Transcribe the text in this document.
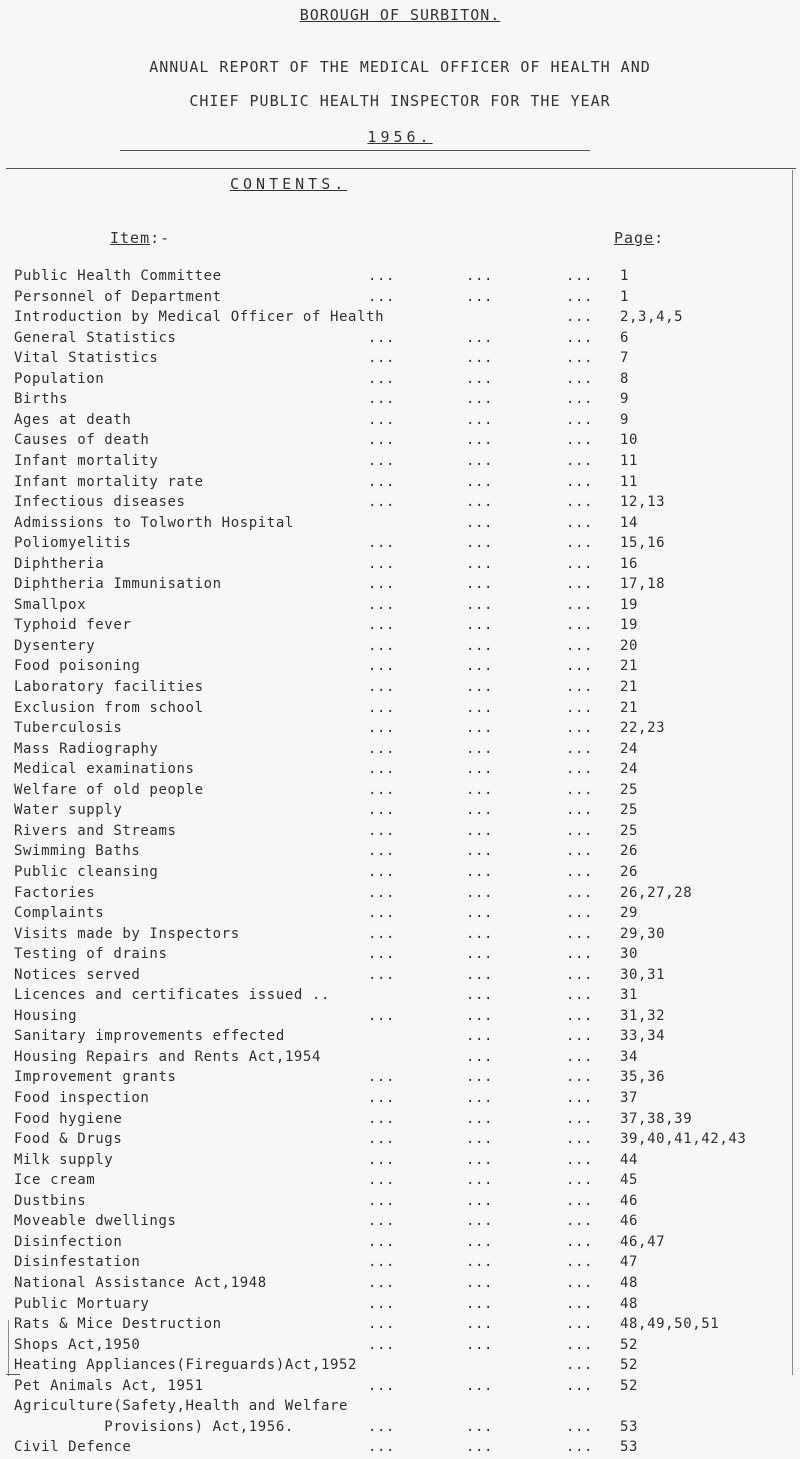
BOROUGH OF SURBITON.
ANNUAL REPORT OF THE MEDICAL OFFICER OF HEALTH AND
CHIEF PUBLIC HEALTH INSPECTOR FOR THE YEAR
1956.
CONTENTS.
Item:-	Page:
Public Health Committee	...	...	... 1
Personnel of Department	...	...	... 1
Introduction by Medical Officer of Health	... 2,3,4,5
General Statistics	...	...	... 6
Vital Statistics	...	...	... 7
Population	...	...	... 8
Births	...	...	... 9
Ages at death	...	...	... 9
Causes of death	...	...	... 10
Infant mortality	...	...	... 11
Infant mortality rate	...	...	... 11
Infectious diseases	...	...	... 12,13
Admissions to Tolworth Hospital	...	... 14
Poliomyelitis	...	...	... 15,16
Diphtheria	...	...	... 16
Diphtheria Immunisation	...	...	... 17,18
Smallpox	...	...	... 19
Typhoid fever	...	...	... 19
Dysentery	...	...	... 20
Food poisoning	...	...	... 21
Laboratory facilities	...	...	... 21
Exclusion from school	...	...	... 21
Tuberculosis	...	...	... 22,23
Mass Radiography	...	...	... 24
Medical examinations	...	...	... 24
Welfare of old people	...	...	... 25
Water supply	...	...	... 25
Rivers and Streams	...	...	... 25
Swimming Baths	...	...	... 26
Public cleansing	...	...	... 26
Factories	...	...	... 26,27,28
Complaints	...	...	... 29
Visits made by Inspectors	...	...	... 29,30
Testing of drains	...	...	... 30
Notices served	...	...	... 30,31
Licences and certificates issued ..	...	... 31
Housing	...	...	... 31,32
Sanitary improvements effected	...	... 33,34
Housing Repairs and Rents Act,1954	...	... 34
Improvement grants	...	...	... 35,36
Food inspection	...	...	... 37
Food hygiene	...	...	... 37,38,39
Food & Drugs	...	...	... 39,40,41,42,43
Milk supply	...	...	... 44
Ice cream	...	...	... 45
Dustbins	...	...	... 46
Moveable dwellings	...	...	... 46
Disinfection	...	...	... 46,47
Disinfestation	...	...	... 47
National Assistance Act,1948	...	...	... 48
Public Mortuary	...	...	... 48
Rats & Mice Destruction	...	...	... 48,49,50,51
Shops Act,1950	...	...	... 52
Heating Appliances(Fireguards)Act,1952	... 52
Pet Animals Act, 1951	...	...	... 52
Agriculture(Safety,Health and Welfare
Provisions) Act,1956.	...	...	... 53
Civil Defence	...	...	... 53
